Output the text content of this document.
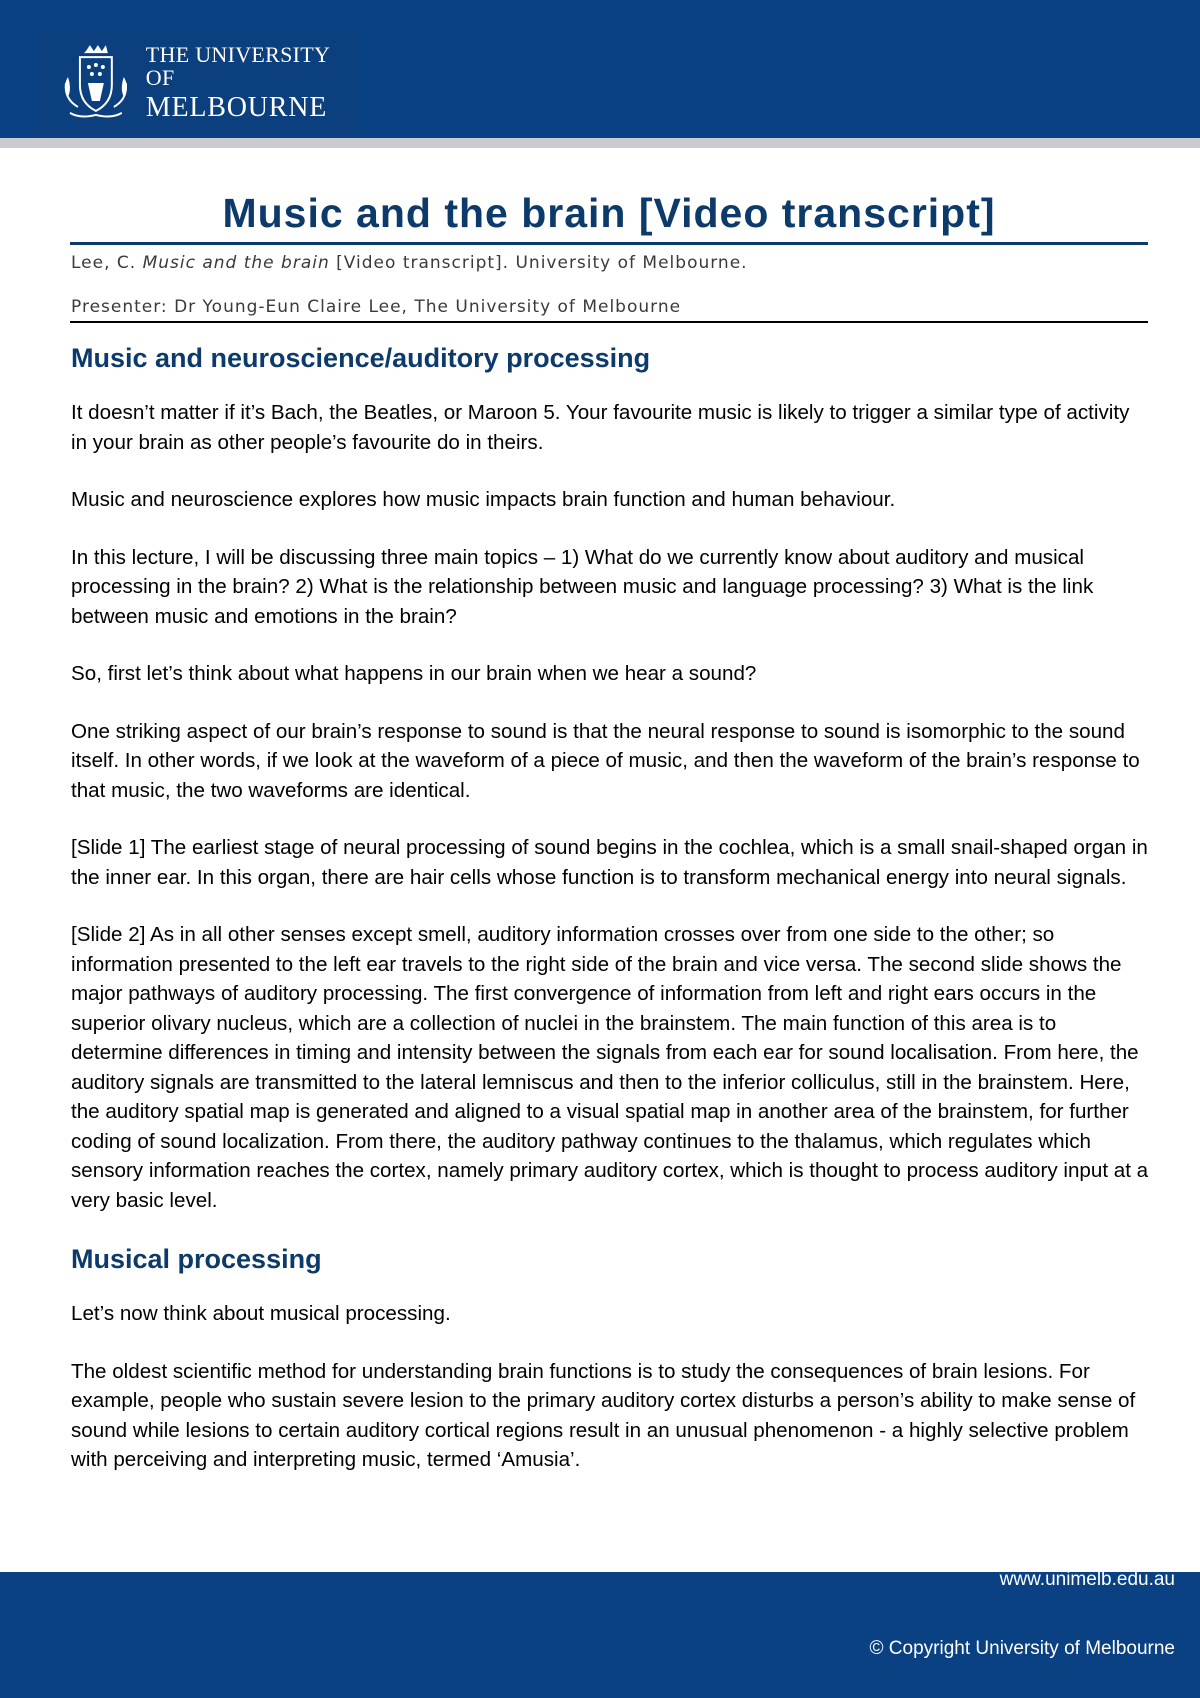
THE UNIVERSITY OF
MELBOURNE
Music and the brain [Video transcript]
Lee, C. Music and the brain [Video transcript]. University of Melbourne.
Presenter: Dr Young-Eun Claire Lee, The University of Melbourne
Music and neuroscience/auditory processing

It doesn’t matter if it’s Bach, the Beatles, or Maroon 5. Your favourite music is likely to trigger a similar type of activity in your brain as other people’s favourite do in theirs.

Music and neuroscience explores how music impacts brain function and human behaviour.

In this lecture, I will be discussing three main topics – 1) What do we currently know about auditory and musical processing in the brain? 2) What is the relationship between music and language processing? 3) What is the link between music and emotions in the brain?

So, first let’s think about what happens in our brain when we hear a sound?

One striking aspect of our brain’s response to sound is that the neural response to sound is isomorphic to the sound itself. In other words, if we look at the waveform of a piece of music, and then the waveform of the brain’s response to that music, the two waveforms are identical.

[Slide 1] The earliest stage of neural processing of sound begins in the cochlea, which is a small snail-shaped organ in the inner ear. In this organ, there are hair cells whose function is to transform mechanical energy into neural signals.

[Slide 2] As in all other senses except smell, auditory information crosses over from one side to the other; so information presented to the left ear travels to the right side of the brain and vice versa. The second slide shows the major pathways of auditory processing. The first convergence of information from left and right ears occurs in the superior olivary nucleus, which are a collection of nuclei in the brainstem. The main function of this area is to determine differences in timing and intensity between the signals from each ear for sound localisation. From here, the auditory signals are transmitted to the lateral lemniscus and then to the inferior colliculus, still in the brainstem. Here, the auditory spatial map is generated and aligned to a visual spatial map in another area of the brainstem, for further coding of sound localization. From there, the auditory pathway continues to the thalamus, which regulates which sensory information reaches the cortex, namely primary auditory cortex, which is thought to process auditory input at a very basic level.

Musical processing

Let’s now think about musical processing.

The oldest scientific method for understanding brain functions is to study the consequences of brain lesions. For example, people who sustain severe lesion to the primary auditory cortex disturbs a person’s ability to make sense of sound while lesions to certain auditory cortical regions result in an unusual phenomenon - a highly selective problem with perceiving and interpreting music, termed ‘Amusia’.

www.unimelb.edu.au
© Copyright University of Melbourne
